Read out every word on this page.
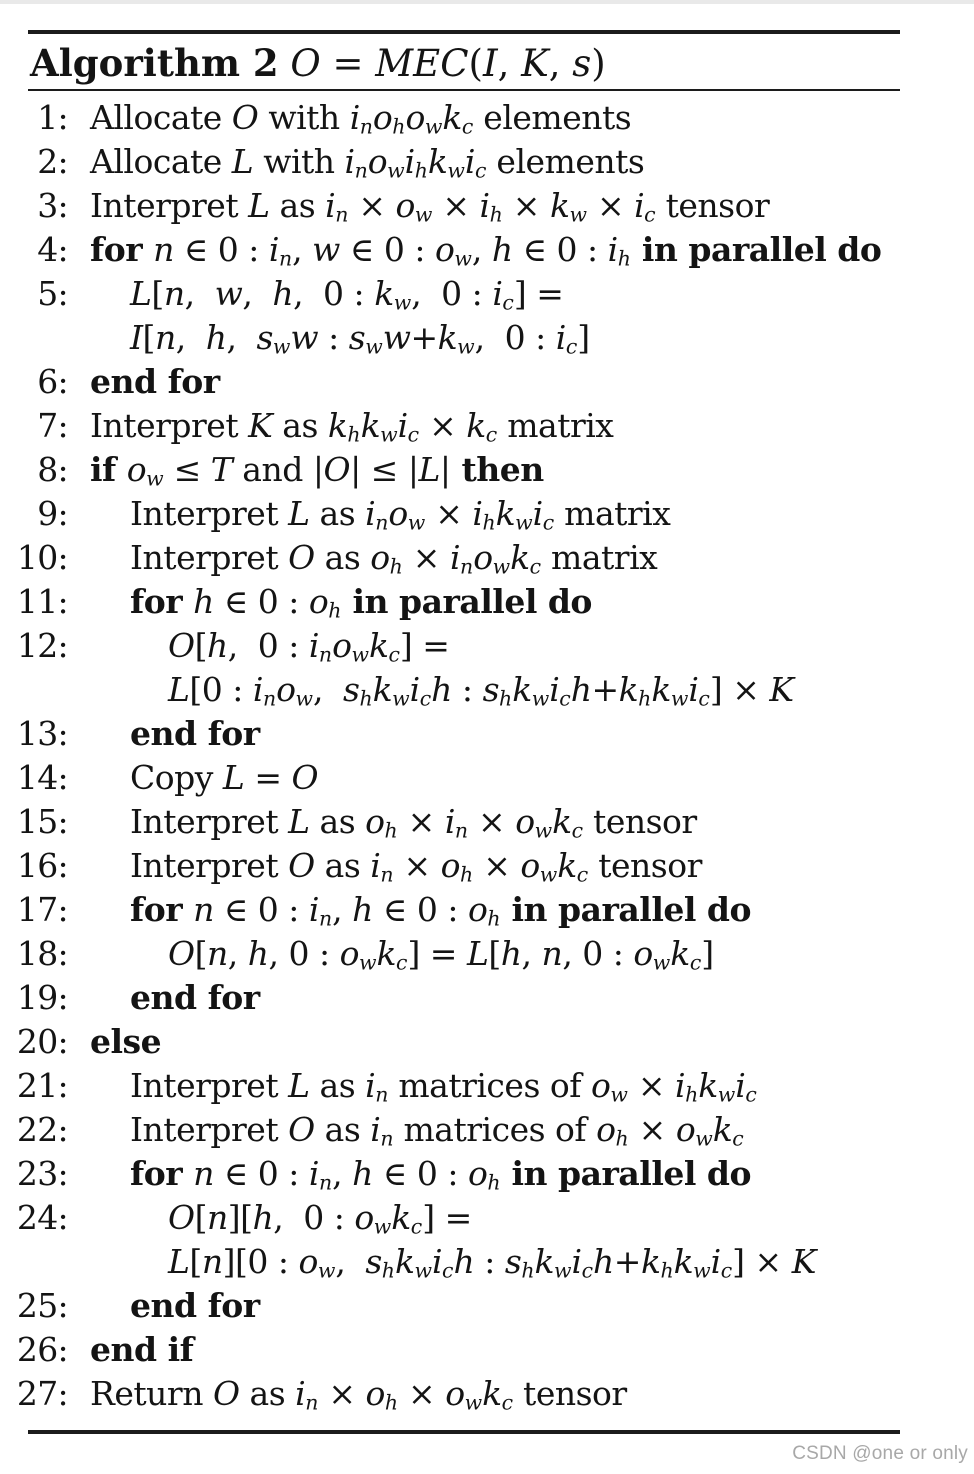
Algorithm 2 O = MEC(I, K, s)
1: Allocate O with $i_no_ho_wk_c$ elements
2: Allocate L with $i_no_wi_hk_wi_c$ elements
3: Interpret L as $i_n \times o_w \times i_h \times k_w \times i_c$ tensor
4: for n ∈ 0 : $i_n$, w ∈ 0 : $o_w$, h ∈ 0 : $i_h$ in parallel do
5:	L[n,  w,  h,  0 : $k_w$,  0 : $i_c$] =
I[n,  h,  $s_ww$ : $s_ww+k_w$,  0 : $i_c$]
6: end for
7: Interpret K as $k_hk_wi_c \times k_c$ matrix
8: if $o_w \le T$ and |O| ≤ |L| then
9:	Interpret L as $i_no_w \times i_hk_wi_c$ matrix
10:	Interpret O as $o_h \times i_no_wk_c$ matrix
11:	for h ∈ 0 : $o_h$ in parallel do
12:	O[h,  0 : $i_no_wk_c$] =
L[0 : $i_no_w$,  $s_hk_wi_ch$ : $s_hk_wi_ch+k_hk_wi_c] \times K$
13:	end for
14:	Copy L = O
15:	Interpret L as $o_h \times i_n \times o_wk_c$ tensor
16:	Interpret O as $i_n \times o_h \times o_wk_c$ tensor
17:	for n ∈ 0 : $i_n$, h ∈ 0 : $o_h$ in parallel do
18:	O[n, h, 0 : $o_wk_c] = L[h$, n, 0 : $o_wk_c$]
19:	end for
20: else
21:	Interpret L as $i_n$ matrices of $o_w \times i_hk_wi_c$
22:	Interpret O as $i_n$ matrices of $o_h \times o_wk_c$
23:	for n ∈ 0 : $i_n$, h ∈ 0 : $o_h$ in parallel do
24:	O[n][h,  0 : $o_wk_c$] =
L[n][0 : $o_w$,  $s_hk_wi_ch$ : $s_hk_wi_ch+k_hk_wi_c] \times K$
25:	end for
26: end if
27: Return O as $i_n \times o_h \times o_wk_c$ tensor
CSDN @one or only
